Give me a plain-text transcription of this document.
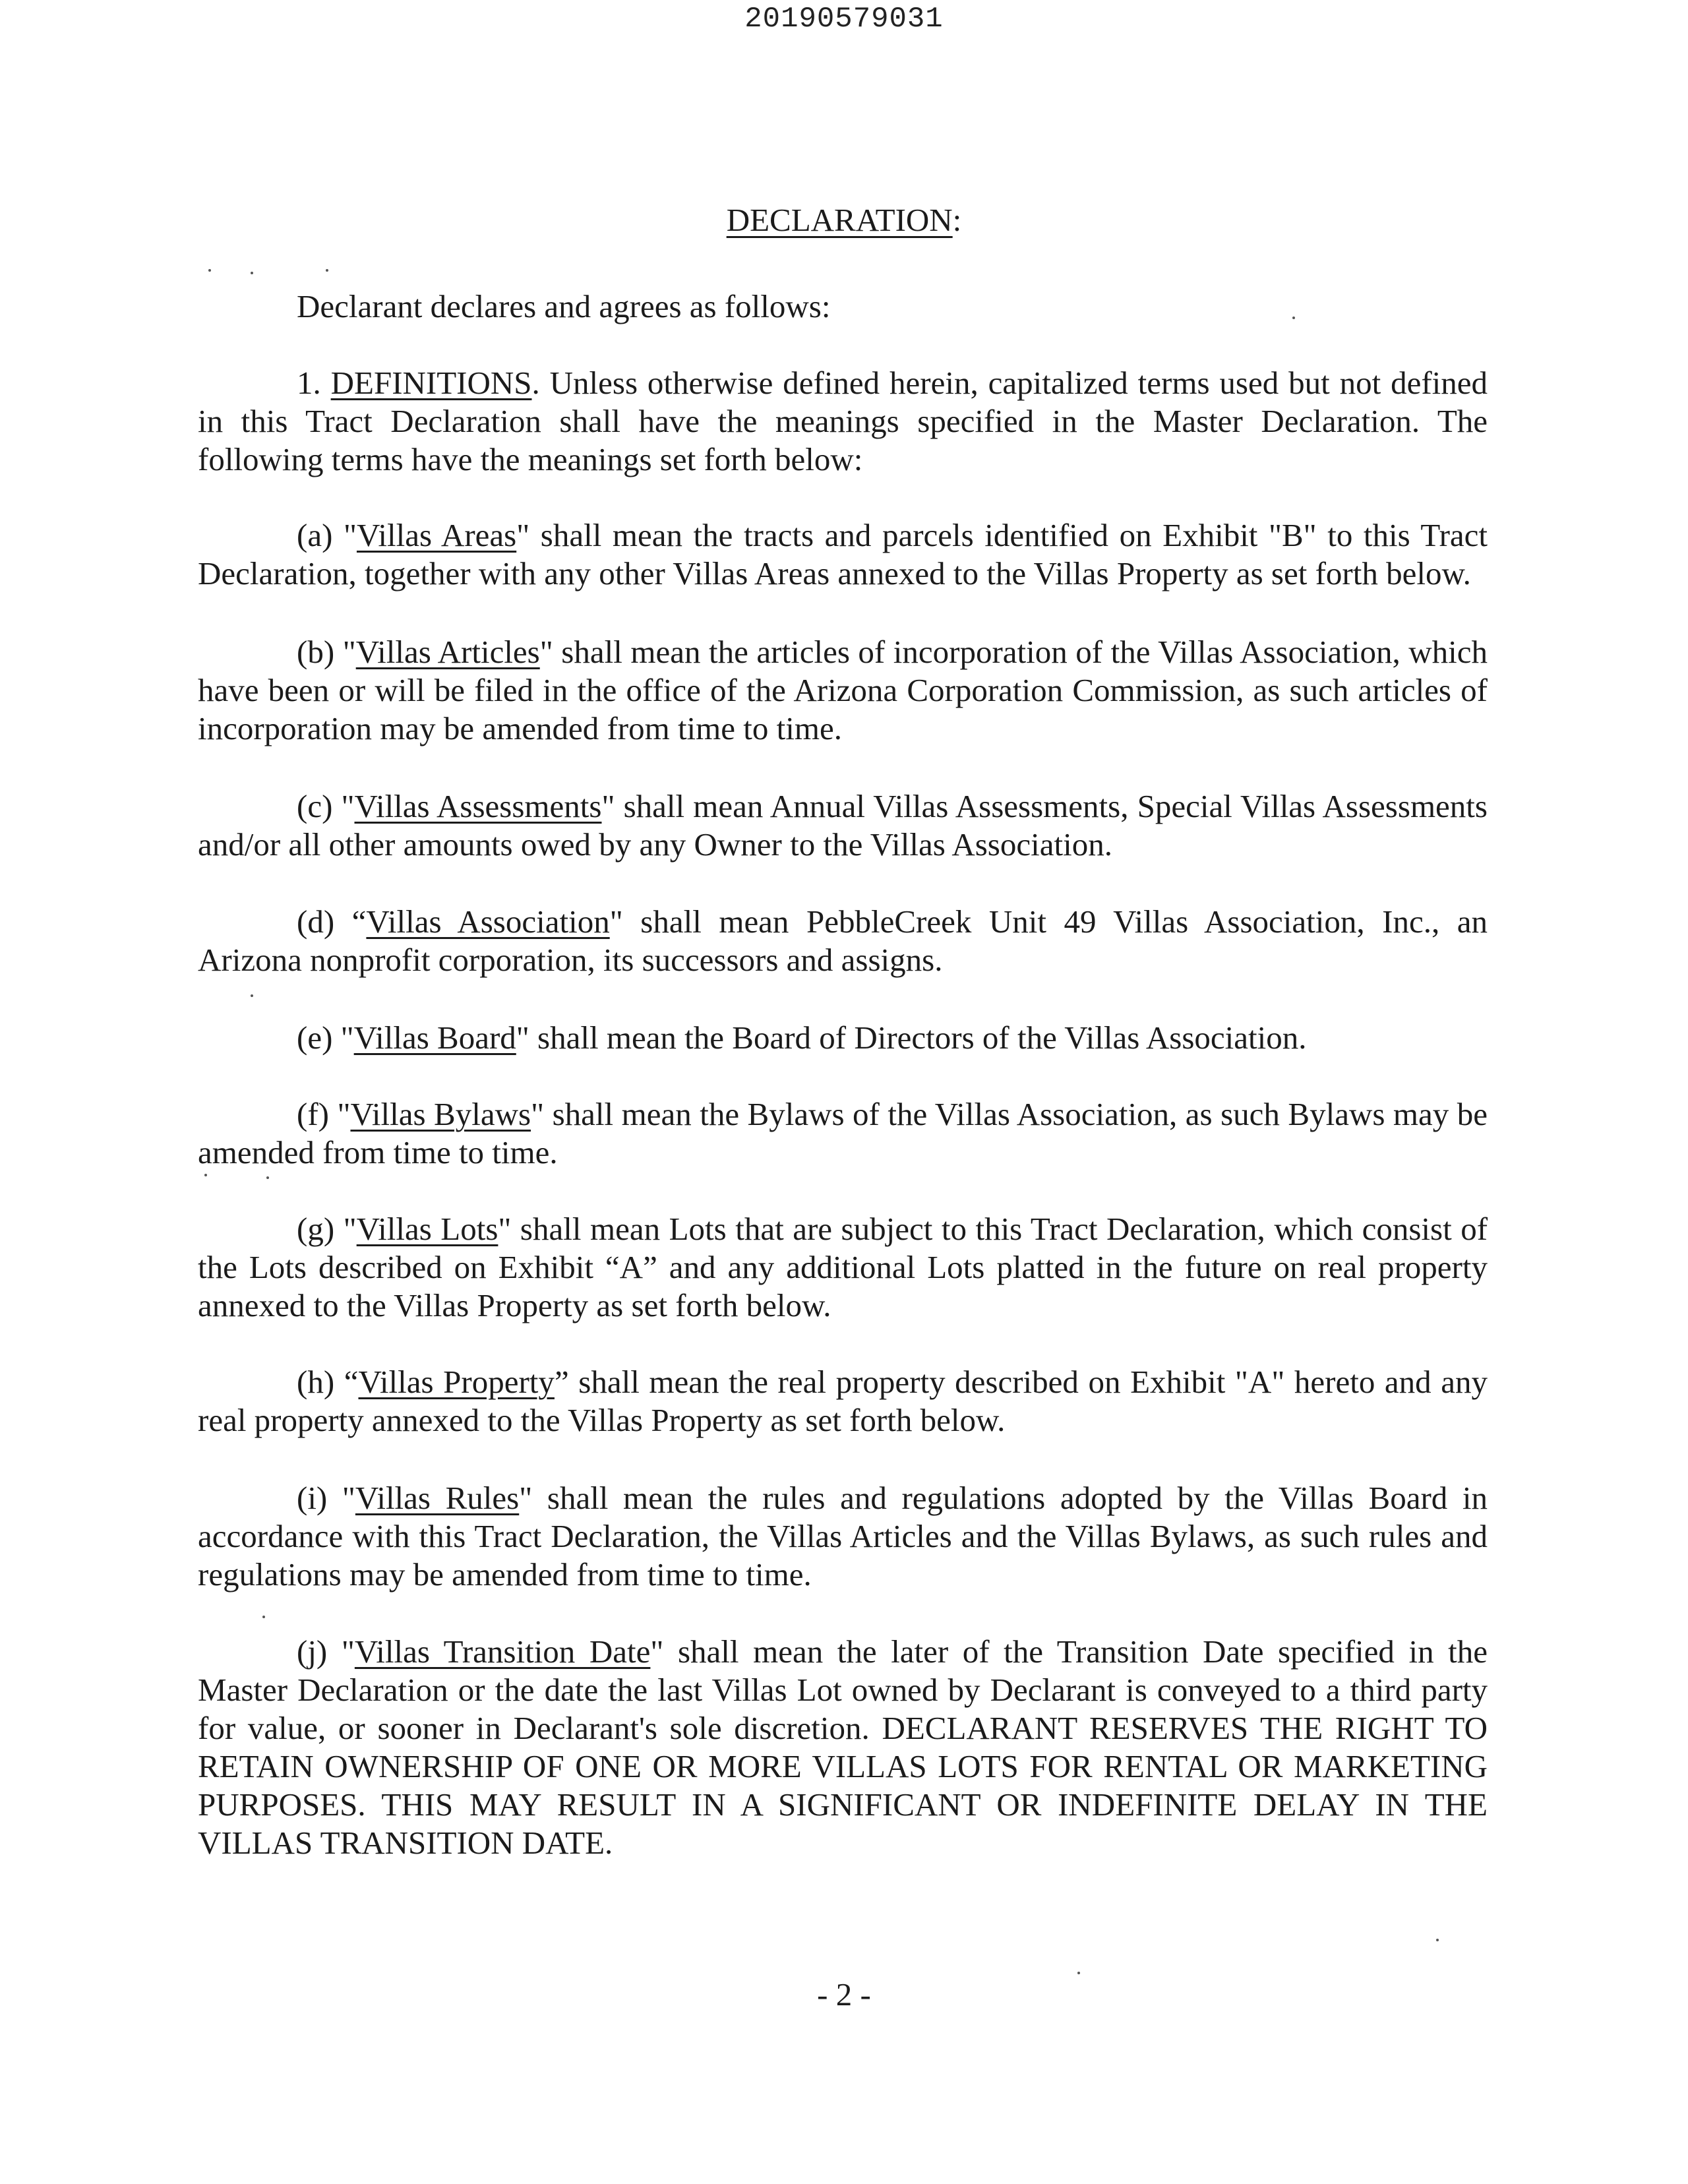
20190579031
DECLARATION:

Declarant declares and agrees as follows:

1. DEFINITIONS. Unless otherwise defined herein, capitalized terms used but not defined in this Tract Declaration shall have the meanings specified in the Master Declaration. The following terms have the meanings set forth below:

(a) "Villas Areas" shall mean the tracts and parcels identified on Exhibit "B" to this Tract Declaration, together with any other Villas Areas annexed to the Villas Property as set forth below.

(b) "Villas Articles" shall mean the articles of incorporation of the Villas Association, which have been or will be filed in the office of the Arizona Corporation Commission, as such articles of incorporation may be amended from time to time.

(c) "Villas Assessments" shall mean Annual Villas Assessments, Special Villas Assessments and/or all other amounts owed by any Owner to the Villas Association.

(d) “Villas Association" shall mean PebbleCreek Unit 49 Villas Association, Inc., an Arizona nonprofit corporation, its successors and assigns.

(e) "Villas Board" shall mean the Board of Directors of the Villas Association.

(f) "Villas Bylaws" shall mean the Bylaws of the Villas Association, as such Bylaws may be amended from time to time.

(g) "Villas Lots" shall mean Lots that are subject to this Tract Declaration, which consist of the Lots described on Exhibit “A” and any additional Lots platted in the future on real property annexed to the Villas Property as set forth below.

(h) “Villas Property” shall mean the real property described on Exhibit "A" hereto and any real property annexed to the Villas Property as set forth below.

(i) "Villas Rules" shall mean the rules and regulations adopted by the Villas Board in accordance with this Tract Declaration, the Villas Articles and the Villas Bylaws, as such rules and regulations may be amended from time to time.

(j) "Villas Transition Date" shall mean the later of the Transition Date specified in the Master Declaration or the date the last Villas Lot owned by Declarant is conveyed to a third party for value, or sooner in Declarant's sole discretion. DECLARANT RESERVES THE RIGHT TO RETAIN OWNERSHIP OF ONE OR MORE VILLAS LOTS FOR RENTAL OR MARKETING PURPOSES. THIS MAY RESULT IN A SIGNIFICANT OR INDEFINITE DELAY IN THE VILLAS TRANSITION DATE.

- 2 -
